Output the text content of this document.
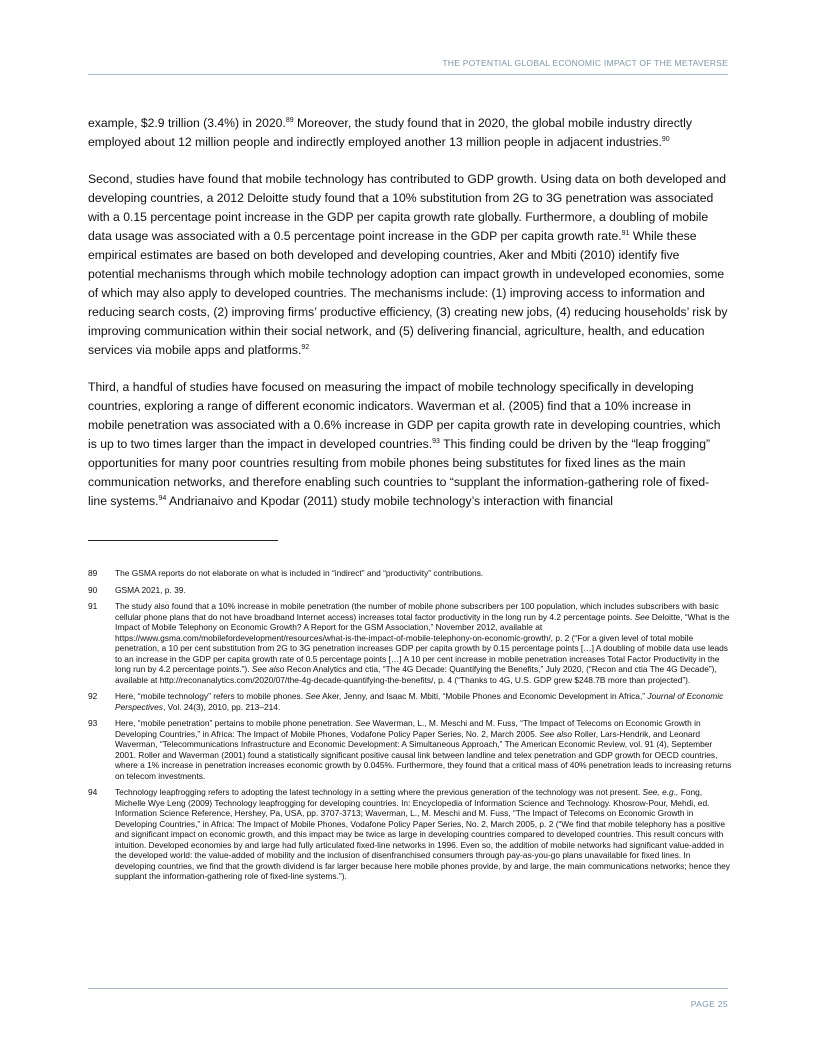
THE POTENTIAL GLOBAL ECONOMIC IMPACT OF THE METAVERSE

example, $2.9 trillion (3.4%) in 2020.89 Moreover, the study found that in 2020, the global mobile industry directly employed about 12 million people and indirectly employed another 13 million people in adjacent industries.$^{90}$

Second, studies have found that mobile technology has contributed to GDP growth. Using data on both developed and developing countries, a 2012 Deloitte study found that a 10% substitution from 2G to 3G penetration was associated with a 0.15 percentage point increase in the GDP per capita growth rate globally. Furthermore, a doubling of mobile data usage was associated with a 0.5 percentage point increase in the GDP per capita growth rate.$^{91}$ While these empirical estimates are based on both developed and developing countries, Aker and Mbiti (2010) identify five potential mechanisms through which mobile technology adoption can impact growth in undeveloped economies, some of which may also apply to developed countries. The mechanisms include: (1) improving access to information and reducing search costs, (2) improving firms’ productive efficiency, (3) creating new jobs, (4) reducing households’ risk by improving communication within their social network, and (5) delivering financial, agriculture, health, and education services via mobile apps and platforms.$^{92}$

Third, a handful of studies have focused on measuring the impact of mobile technology specifically in developing countries, exploring a range of different economic indicators. Waverman et al. (2005) find that a 10% increase in mobile penetration was associated with a 0.6% increase in GDP per capita growth rate in developing countries, which is up to two times larger than the impact in developed countries.$^{93}$ This finding could be driven by the “leap frogging” opportunities for many poor countries resulting from mobile phones being substitutes for fixed lines as the main communication networks, and therefore enabling such countries to “supplant the information-gathering role of fixed-line systems.$^{94}$ Andrianaivo and Kpodar (2011) study mobile technology’s interaction with financial

89	The GSMA reports do not elaborate on what is included in “indirect” and “productivity” contributions.
90	GSMA 2021, p. 39.
91	The study also found that a 10% increase in mobile penetration (the number of mobile phone subscribers per 100 population, which includes subscribers with basic cellular phone plans that do not have broadband Internet access) increases total factor productivity in the long run by 4.2 percentage points. See Deloitte, “What is the Impact of Mobile Telephony on Economic Growth? A Report for the GSM Association,” November 2012, available at https://www.gsma.com/mobilefordevelopment/resources/what-is-the-impact-of-mobile-telephony-on-economic-growth/, p. 2 (“For a given level of total mobile penetration, a 10 per cent substitution from 2G to 3G penetration increases GDP per capita growth by 0.15 percentage points […] A doubling of mobile data use leads to an increase in the GDP per capita growth rate of 0.5 percentage points […] A 10 per cent increase in mobile penetration increases Total Factor Productivity in the long run by 4.2 percentage points.”). See also Recon Analytics and ctia, “The 4G Decade: Quantifying the Benefits,” July 2020, (“Recon and ctia The 4G Decade”), available at http://reconanalytics.com/2020/07/the-4g-decade-quantifying-the-benefits/, p. 4 (“Thanks to 4G, U.S. GDP grew $248.7B more than projected”).
92	Here, “mobile technology” refers to mobile phones. See Aker, Jenny, and Isaac M. Mbiti, “Mobile Phones and Economic Development in Africa,” Journal of Economic Perspectives, Vol. 24(3), 2010, pp. 213–214.
93	Here, “mobile penetration” pertains to mobile phone penetration. See Waverman, L., M. Meschi and M. Fuss, “The Impact of Telecoms on Economic Growth in Developing Countries,” in Africa: The Impact of Mobile Phones, Vodafone Policy Paper Series, No. 2, March 2005. See also Roller, Lars-Hendrik, and Leonard Waverman, “Telecommunications Infrastructure and Economic Development: A Simultaneous Approach,” The American Economic Review, vol. 91 (4), September 2001. Roller and Waverman (2001) found a statistically significant positive causal link between landline and telex penetration and GDP growth for OECD countries, where a 1% increase in penetration increases economic growth by 0.045%. Furthermore, they found that a critical mass of 40% penetration leads to increasing returns on telecom investments.
94	Technology leapfrogging refers to adopting the latest technology in a setting where the previous generation of the technology was not present. See, e.g., Fong, Michelle Wye Leng (2009) Technology leapfrogging for developing countries. In: Encyclopedia of Information Science and Technology. Khosrow-Pour, Mehdi, ed. Information Science Reference, Hershey, Pa, USA, pp. 3707-3713; Waverman, L., M. Meschi and M. Fuss, “The Impact of Telecoms on Economic Growth in Developing Countries,” in Africa: The Impact of Mobile Phones, Vodafone Policy Paper Series, No. 2, March 2005, p. 2 (“We find that mobile telephony has a positive and significant impact on economic growth, and this impact may be twice as large in developing countries compared to developed countries. This result concurs with intuition. Developed economies by and large had fully articulated fixed-line networks in 1996. Even so, the addition of mobile networks had significant value-added in the developed world: the value-added of mobility and the inclusion of disenfranchised consumers through pay-as-you-go plans unavailable for fixed lines. In developing countries, we find that the growth dividend is far larger because here mobile phones provide, by and large, the main communications networks; hence they supplant the information-gathering role of fixed-line systems.”).
PAGE 25
